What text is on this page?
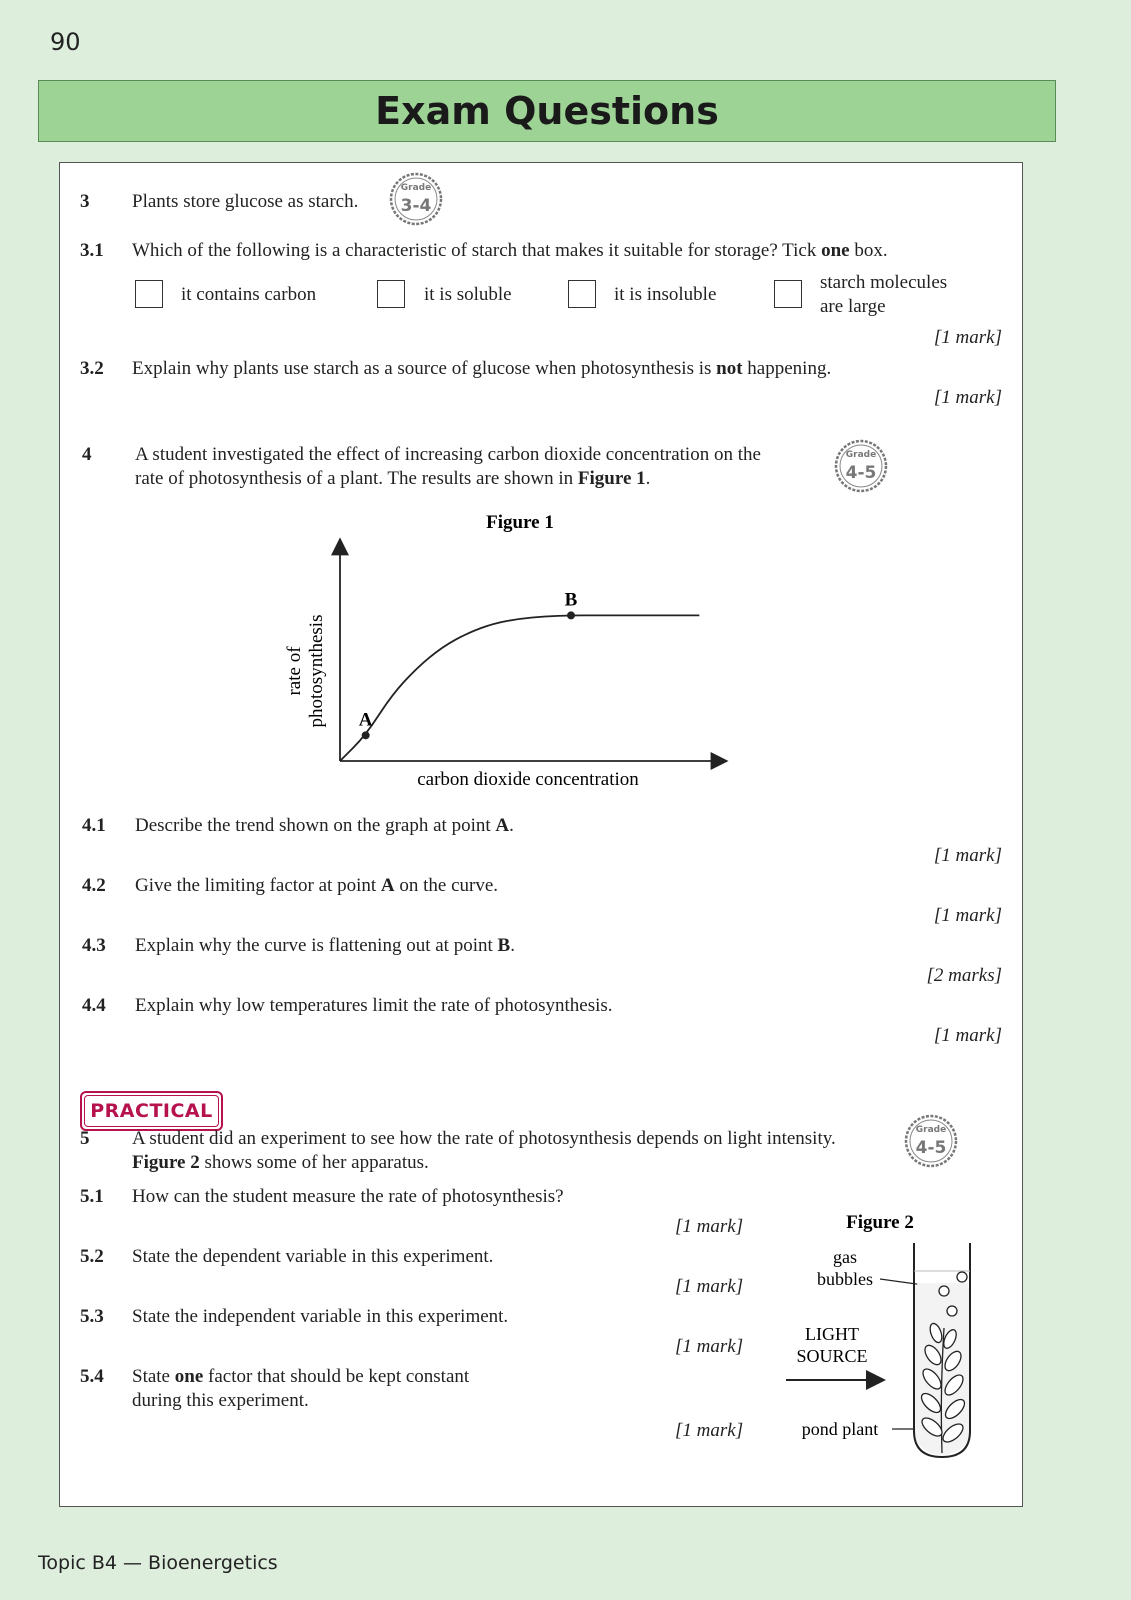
90
Exam Questions
3 Plants store glucose as starch.
Grade
3-4
3.1 Which of the following is a characteristic of starch that makes it suitable for storage? Tick one box.
it contains carbon	it is soluble	it is insoluble
starch molecules
are large
[1 mark]
3.2 Explain why plants use starch as a source of glucose when photosynthesis is not happening.
[1 mark]
4 A student investigated the effect of increasing carbon dioxide concentration on the
rate of photosynthesis of a plant. The results are shown in Figure 1.
Grade
4-5
Figure 1
rate of photosynthesis
carbon dioxide concentration
A
B
4.1 Describe the trend shown on the graph at point A.
[1 mark]
4.2 Give the limiting factor at point A on the curve.
[1 mark]
4.3 Explain why the curve is flattening out at point B.
[2 marks]
4.4 Explain why low temperatures limit the rate of photosynthesis.
[1 mark]
PRACTICAL
5 A student did an experiment to see how the rate of photosynthesis depends on light intensity.
Figure 2 shows some of her apparatus.
Grade
4-5
5.1 How can the student measure the rate of photosynthesis?
[1 mark]
5.2 State the dependent variable in this experiment.
[1 mark]
5.3 State the independent variable in this experiment.
[1 mark]
5.4 State one factor that should be kept constant
during this experiment.
[1 mark]
Figure 2
gas
bubbles
LIGHT
SOURCE
pond plant
Topic B4 — Bioenergetics
